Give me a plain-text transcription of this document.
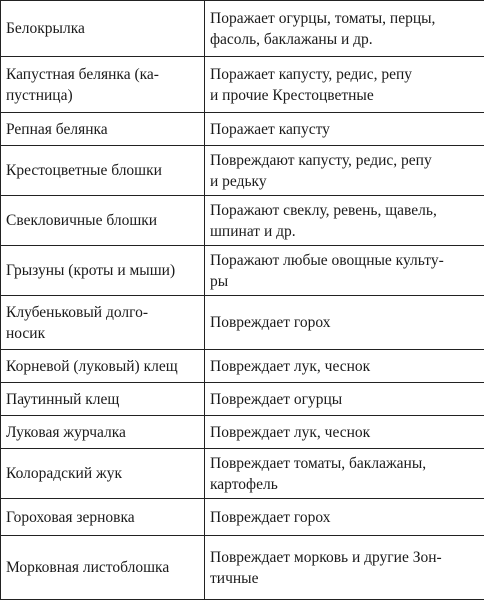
Белокрылка	Поражает огурцы, томаты, перцы,
фасоль, баклажаны и др.
Капустная белянка (ка-
пустница)	Поражает капусту, редис, репу
и прочие Крестоцветные
Репная белянка	Поражает капусту
Крестоцветные блошки	Повреждают капусту, редис, репу
и редьку
Свекловичные блошки	Поражают свеклу, ревень, щавель,
шпинат и др.
Грызуны (кроты и мыши)	Поражают любые овощные культу-
ры
Клубеньковый долго-
носик	Повреждает горох
Корневой (луковый) клещ	Повреждает лук, чеснок
Паутинный клещ	Повреждает огурцы
Луковая журчалка	Повреждает лук, чеснок
Колорадский жук	Повреждает томаты, баклажаны,
картофель
Гороховая зерновка	Повреждает горох
Морковная листоблошка	Повреждает морковь и другие Зон-
тичные
